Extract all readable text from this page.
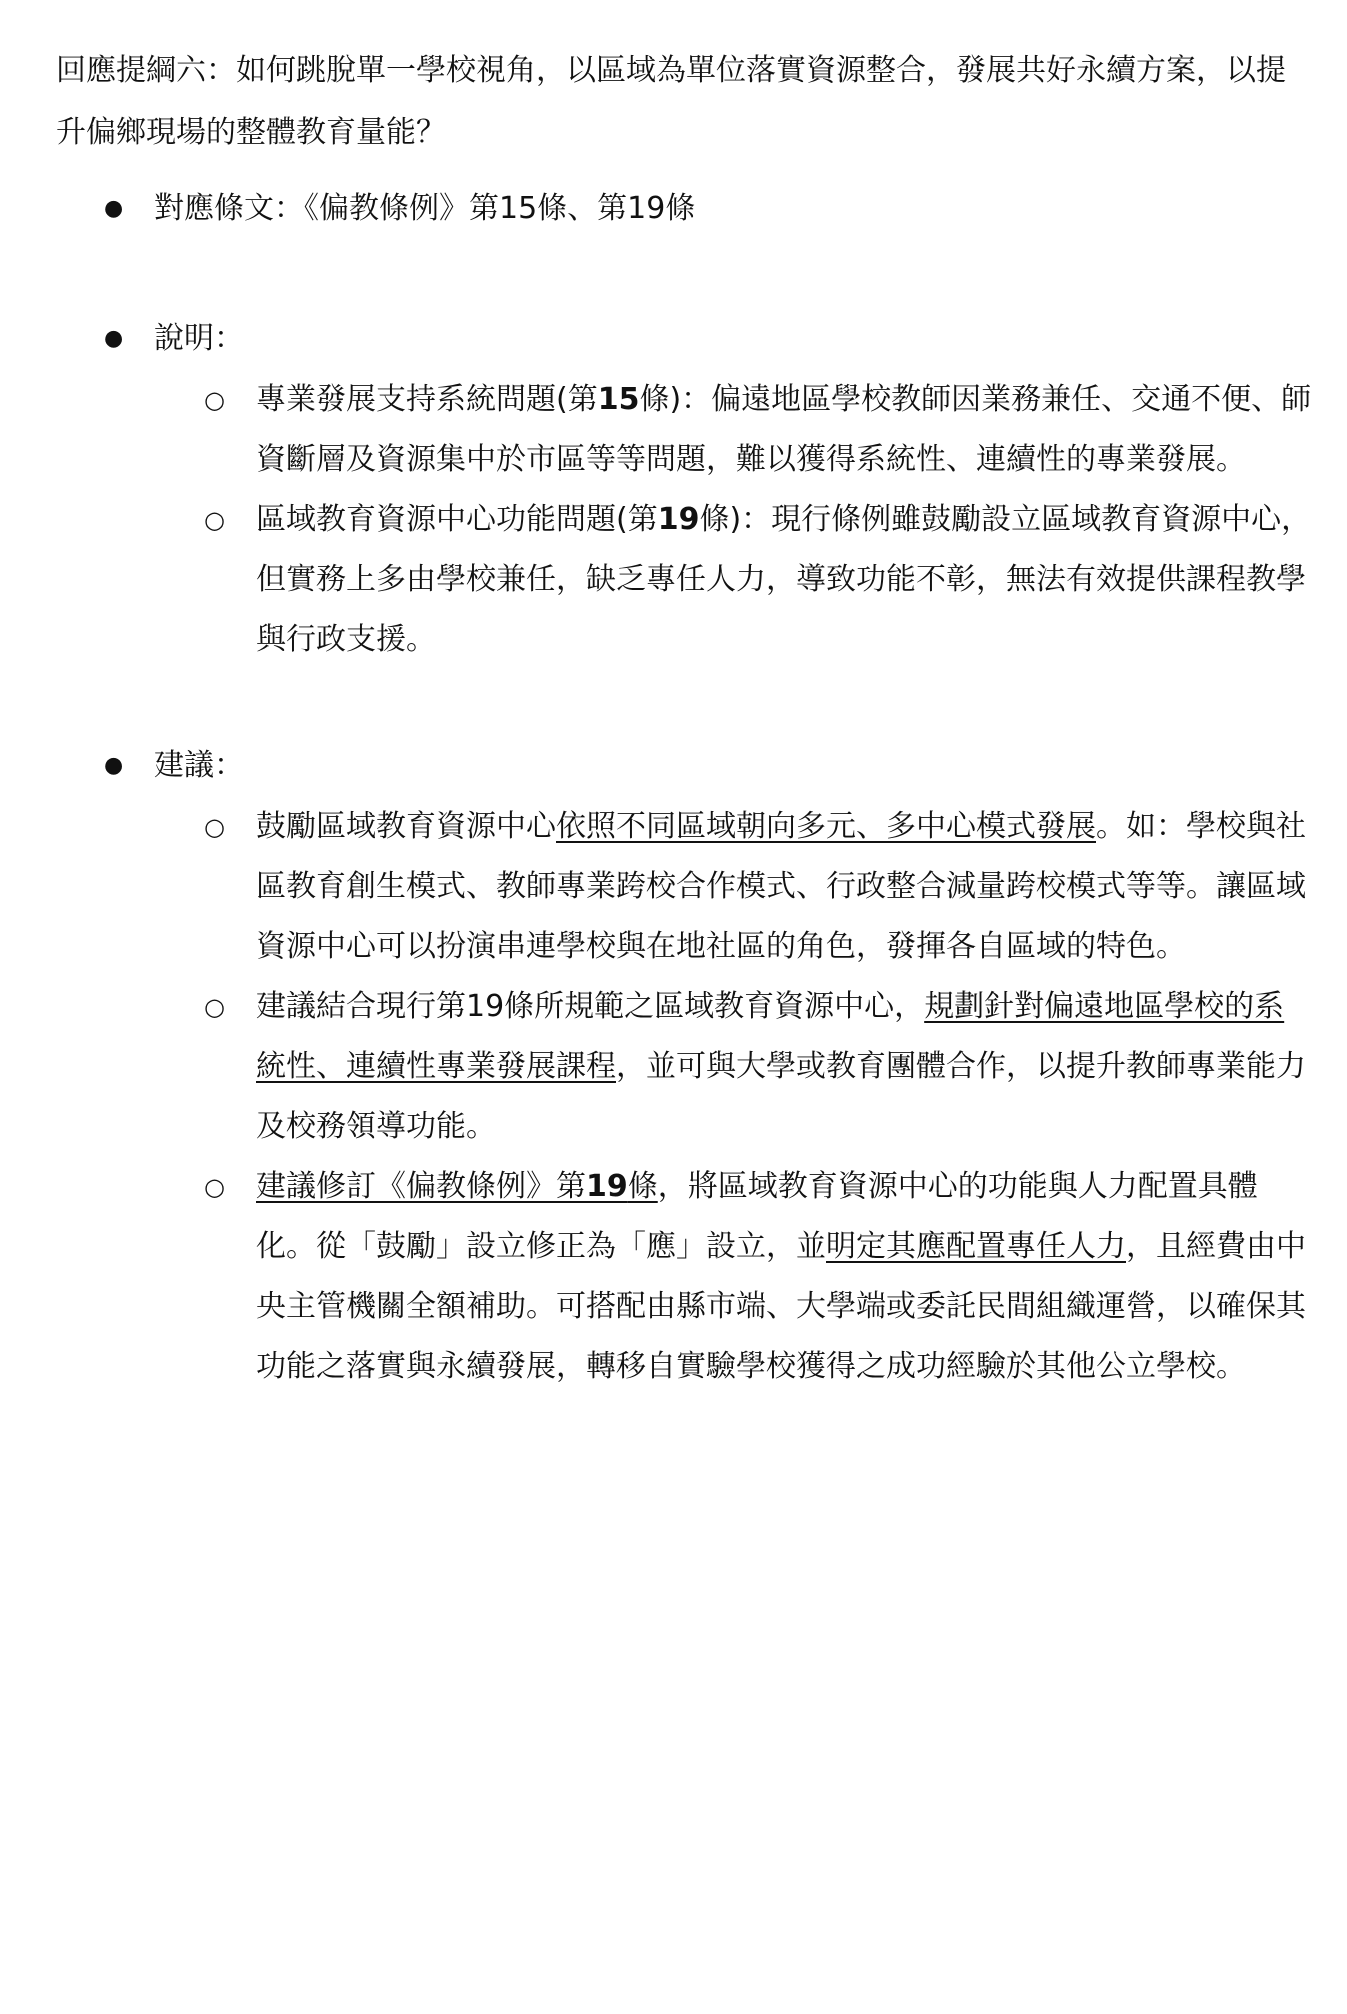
回應提綱六：如何跳脫單一學校視角，以區域為單位落實資源整合，發展共好永續方案，以提升偏鄉現場的整體教育量能？
● 對應條文：《偏教條例》第15條、第19條
● 說明：
○ 專業發展支持系統問題(第15條)：偏遠地區學校教師因業務兼任、交通不便、師資斷層及資源集中於市區等等問題，難以獲得系統性、連續性的專業發展。
○ 區域教育資源中心功能問題(第19條)：現行條例雖鼓勵設立區域教育資源中心，但實務上多由學校兼任，缺乏專任人力，導致功能不彰，無法有效提供課程教學與行政支援。
● 建議：
○ 鼓勵區域教育資源中心依照不同區域朝向多元、多中心模式發展。如：學校與社區教育創生模式、教師專業跨校合作模式、行政整合減量跨校模式等等。讓區域資源中心可以扮演串連學校與在地社區的角色，發揮各自區域的特色。
○ 建議結合現行第19條所規範之區域教育資源中心，規劃針對偏遠地區學校的系統性、連續性專業發展課程，並可與大學或教育團體合作，以提升教師專業能力及校務領導功能。
○ 建議修訂《偏教條例》第19條，將區域教育資源中心的功能與人力配置具體化。從「鼓勵」設立修正為「應」設立，並明定其應配置專任人力，且經費由中央主管機關全額補助。可搭配由縣市端、大學端或委託民間組織運營，以確保其功能之落實與永續發展，轉移自實驗學校獲得之成功經驗於其他公立學校。
